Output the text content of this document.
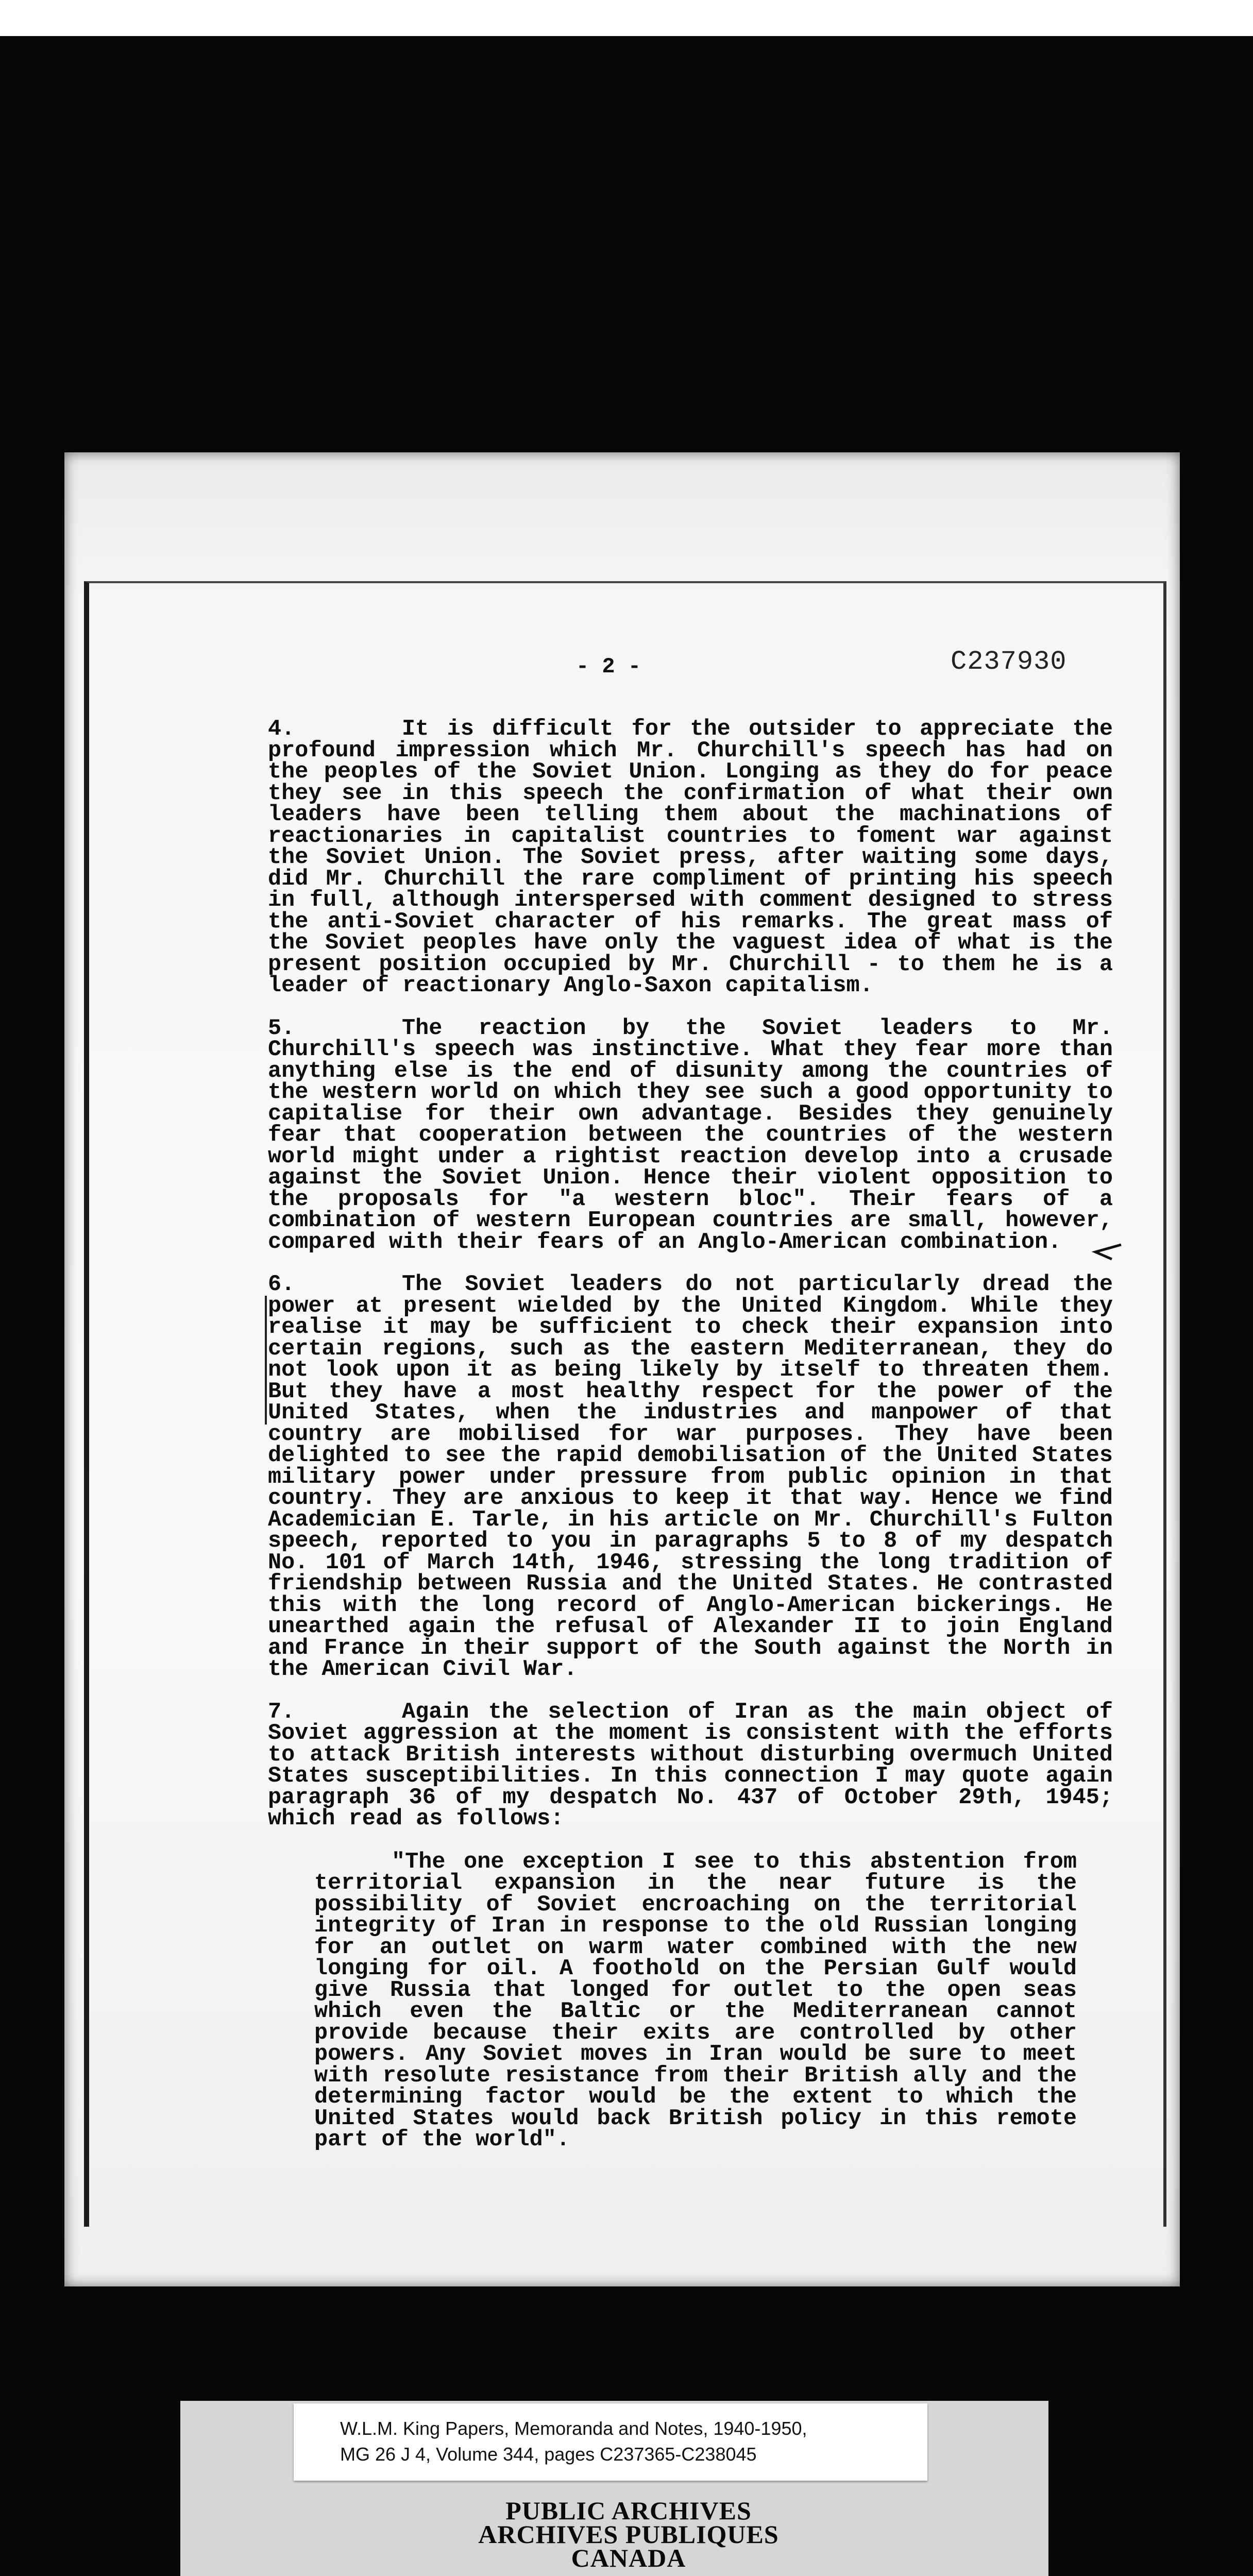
- 2 -	C237930

4.	It is difficult for the outsider to appreciate the profound impression which Mr. Churchill's speech has had on the peoples of the Soviet Union. Longing as they do for peace they see in this speech the confirmation of what their own leaders have been telling them about the machinations of reactionaries in capitalist countries to foment war against the Soviet Union. The Soviet press, after waiting some days, did Mr. Churchill the rare compliment of printing his speech in full, although interspersed with comment designed to stress the anti-Soviet character of his remarks. The great mass of the Soviet peoples have only the vaguest idea of what is the present position occupied by Mr. Churchill - to them he is a leader of reactionary Anglo-Saxon capitalism.

5.	The reaction by the Soviet leaders to Mr. Churchill's speech was instinctive. What they fear more than anything else is the end of disunity among the countries of the western world on which they see such a good opportunity to capitalise for their own advantage. Besides they genuinely fear that cooperation between the countries of the western world might under a rightist reaction develop into a crusade against the Soviet Union. Hence their violent opposition to the proposals for "a western bloc". Their fears of a combination of western European countries are small, however, compared with their fears of an Anglo-American combination.

6.	The Soviet leaders do not particularly dread the power at present wielded by the United Kingdom. While they realise it may be sufficient to check their expansion into certain regions, such as the eastern Mediterranean, they do not look upon it as being likely by itself to threaten them. But they have a most healthy respect for the power of the United States, when the industries and manpower of that country are mobilised for war purposes. They have been delighted to see the rapid demobilisation of the United States military power under pressure from public opinion in that country. They are anxious to keep it that way. Hence we find Academician E. Tarle, in his article on Mr. Churchill's Fulton speech, reported to you in paragraphs 5 to 8 of my despatch No. 101 of March 14th, 1946, stressing the long tradition of friendship between Russia and the United States. He contrasted this with the long record of Anglo-American bickerings. He unearthed again the refusal of Alexander II to join England and France in their support of the South against the North in the American Civil War.

7.	Again the selection of Iran as the main object of Soviet aggression at the moment is consistent with the efforts to attack British interests without disturbing overmuch United States susceptibilities. In this connection I may quote again paragraph 36 of my despatch No. 437 of October 29th, 1945; which read as follows:

"The one exception I see to this abstention from territorial expansion in the near future is the possibility of Soviet encroaching on the territorial integrity of Iran in response to the old Russian longing for an outlet on warm water combined with the new longing for oil. A foothold on the Persian Gulf would give Russia that longed for outlet to the open seas which even the Baltic or the Mediterranean cannot provide because their exits are controlled by other powers. Any Soviet moves in Iran would be sure to meet with resolute resistance from their British ally and the determining factor would be the extent to which the United States would back British policy in this remote part of the world".

W.L.M. King Papers, Memoranda and Notes, 1940-1950,
MG 26 J 4, Volume 344, pages C237365-C238045
PUBLIC ARCHIVES
ARCHIVES PUBLIQUES
CANADA
